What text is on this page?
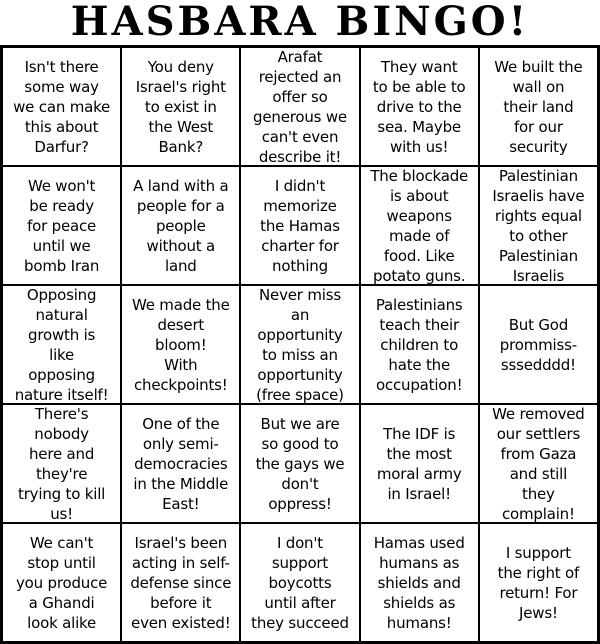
HASBARA BINGO!
Isn't there
some way
we can make
this about
Darfur?
You deny
Israel's right
to exist in
the West
Bank?
Arafat
rejected an
offer so
generous we
can't even
describe it!
They want
to be able to
drive to the
sea. Maybe
with us!
We built the
wall on
their land
for our
security
We won't
be ready
for peace
until we
bomb Iran
A land with a
people for a
people
without a
land
I didn't
memorize
the Hamas
charter for
nothing
The blockade
is about
weapons
made of
food. Like
potato guns.
Palestinian
Israelis have
rights equal
to other
Palestinian
Israelis
Opposing
natural
growth is
like
opposing
nature itself!
We made the
desert
bloom!
With
checkpoints!
Never miss
an
opportunity
to miss an
opportunity
(free space)
Palestinians
teach their
children to
hate the
occupation!
But God
prommiss-
sssedddd!
There's
nobody
here and
they're
trying to kill
us!
One of the
only semi-
democracies
in the Middle
East!
But we are
so good to
the gays we
don't
oppress!
The IDF is
the most
moral army
in Israel!
We removed
our settlers
from Gaza
and still
they
complain!
We can't
stop until
you produce
a Ghandi
look alike
Israel's been
acting in self-
defense since
before it
even existed!
I don't
support
boycotts
until after
they succeed
Hamas used
humans as
shields and
shields as
humans!
I support
the right of
return! For
Jews!
